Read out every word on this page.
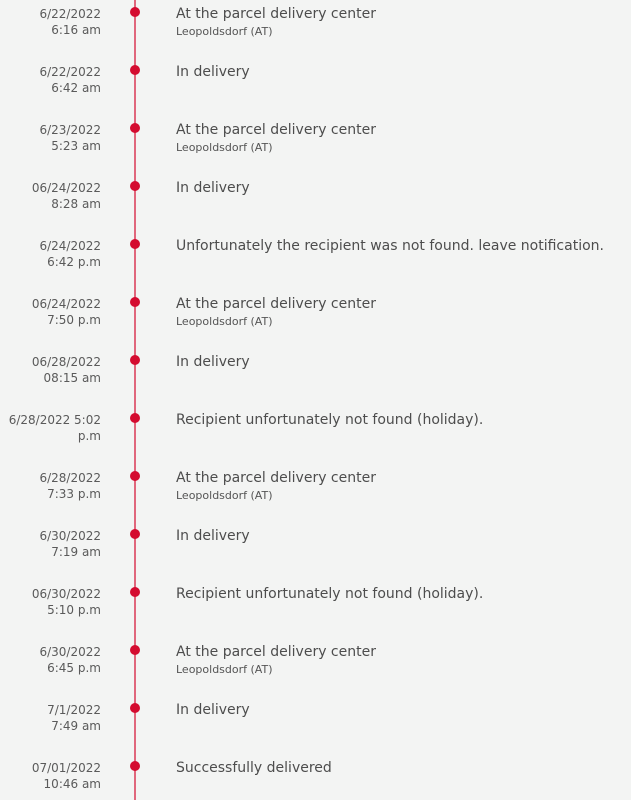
6/22/2022
6:16 am
At the parcel delivery center
Leopoldsdorf (AT)
6/22/2022
6:42 am
In delivery
6/23/2022
5:23 am
At the parcel delivery center
Leopoldsdorf (AT)
06/24/2022
8:28 am
In delivery
6/24/2022
6:42 p.m
Unfortunately the recipient was not found. leave notification.
06/24/2022
7:50 p.m
At the parcel delivery center
Leopoldsdorf (AT)
06/28/2022
08:15 am
In delivery
6/28/2022 5:02
p.m
Recipient unfortunately not found (holiday).
6/28/2022
7:33 p.m
At the parcel delivery center
Leopoldsdorf (AT)
6/30/2022
7:19 am
In delivery
06/30/2022
5:10 p.m
Recipient unfortunately not found (holiday).
6/30/2022
6:45 p.m
At the parcel delivery center
Leopoldsdorf (AT)
7/1/2022
7:49 am
In delivery
07/01/2022
10:46 am
Successfully delivered
